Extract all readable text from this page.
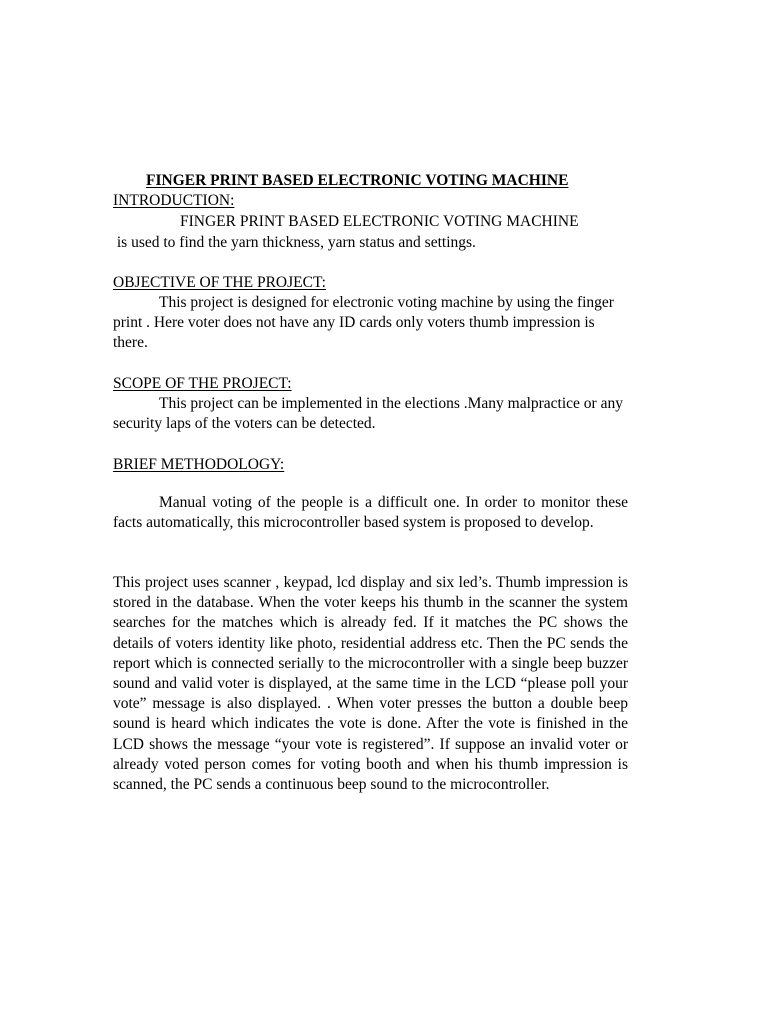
FINGER PRINT BASED ELECTRONIC VOTING MACHINE
INTRODUCTION:
FINGER PRINT BASED ELECTRONIC VOTING MACHINE
is used to find the yarn thickness, yarn status and settings.
OBJECTIVE OF THE PROJECT:
This project is designed for electronic voting machine by using the finger print . Here voter does not have any ID cards only voters thumb impression is there.
SCOPE OF THE PROJECT:
This project can be implemented in the elections .Many malpractice or any security laps of the voters can be detected.
BRIEF METHODOLOGY:
Manual voting of the people is a difficult one. In order to monitor these facts automatically, this microcontroller based system is proposed to develop.
This project uses scanner , keypad, lcd display and six led’s. Thumb impression is stored in the database. When the voter keeps his thumb in the scanner the system searches for the matches which is already fed. If it matches the PC shows the details of voters identity like photo, residential address etc. Then the PC sends the report which is connected serially to the microcontroller with a single beep buzzer sound and valid voter is displayed, at the same time in the LCD “please poll your vote” message is also displayed. . When voter presses the button a double beep sound is heard which indicates the vote is done. After the vote is finished in the LCD shows the message “your vote is registered”. If suppose an invalid voter or already voted person comes for voting booth and when his thumb impression is scanned, the PC sends a continuous beep sound to the microcontroller.
